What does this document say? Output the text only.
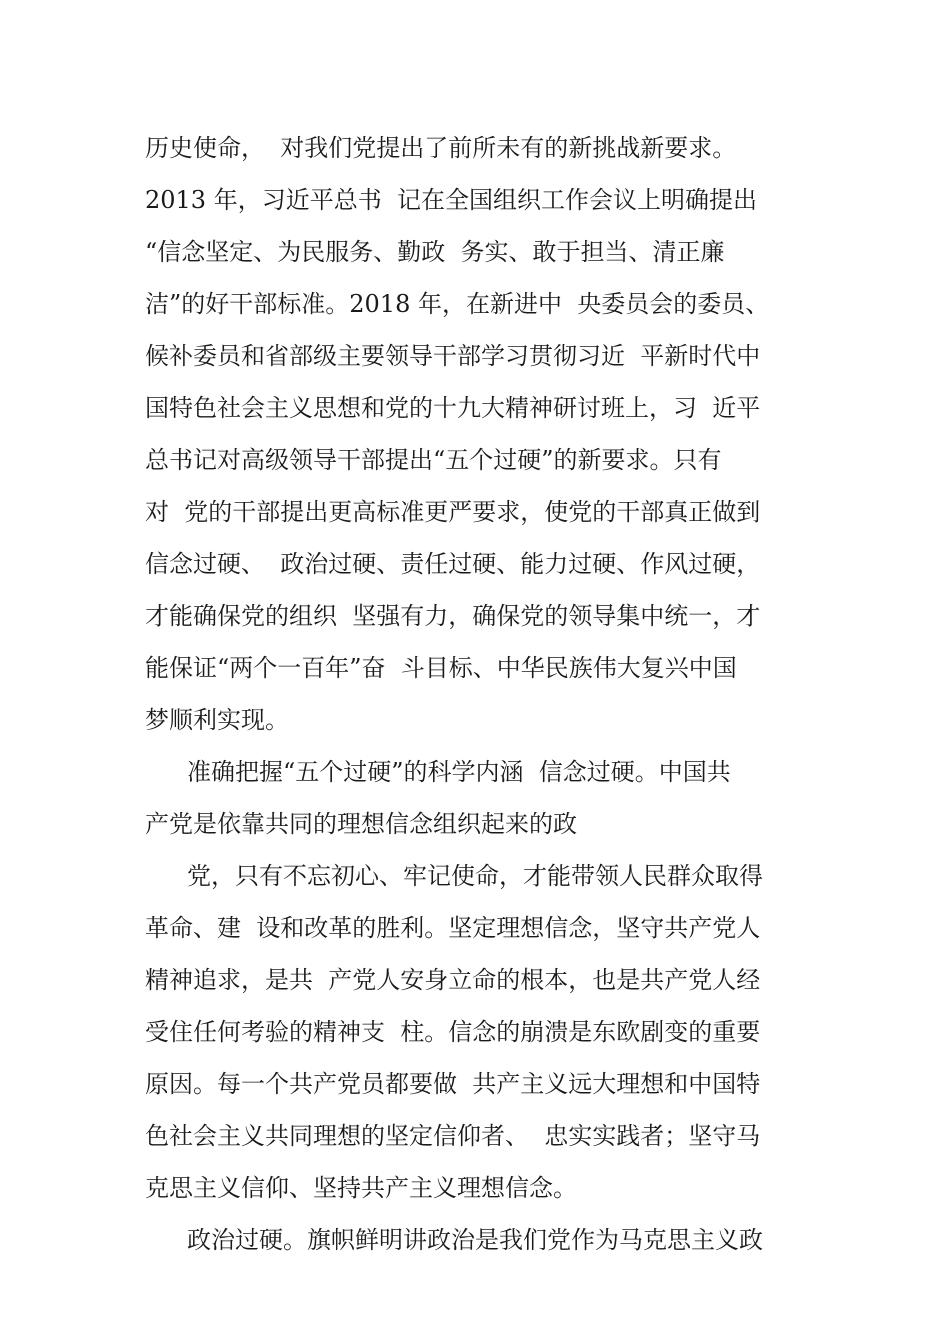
历史使命，  对我们党提出了前所未有的新挑战新要求。
2013 年，习近平总书  记在全国组织工作会议上明确提出
“信念坚定、为民服务、勤政  务实、敢于担当、清正廉
洁”的好干部标准。2018 年，在新进中  央委员会的委员、
候补委员和省部级主要领导干部学习贯彻习近  平新时代中
国特色社会主义思想和党的十九大精神研讨班上，习  近平
总书记对高级领导干部提出“五个过硬”的新要求。只有
对  党的干部提出更高标准更严要求，使党的干部真正做到
信念过硬、  政治过硬、责任过硬、能力过硬、作风过硬，
才能确保党的组织  坚强有力，确保党的领导集中统一，才
能保证“两个一百年”奋  斗目标、中华民族伟大复兴中国
梦顺利实现。
准确把握“五个过硬”的科学内涵  信念过硬。中国共
产党是依靠共同的理想信念组织起来的政
党，只有不忘初心、牢记使命，才能带领人民群众取得
革命、建  设和改革的胜利。坚定理想信念，坚守共产党人
精神追求，是共  产党人安身立命的根本，也是共产党人经
受住任何考验的精神支  柱。信念的崩溃是东欧剧变的重要
原因。每一个共产党员都要做  共产主义远大理想和中国特
色社会主义共同理想的坚定信仰者、  忠实实践者；坚守马
克思主义信仰、坚持共产主义理想信念。
政治过硬。旗帜鲜明讲政治是我们党作为马克思主义政
